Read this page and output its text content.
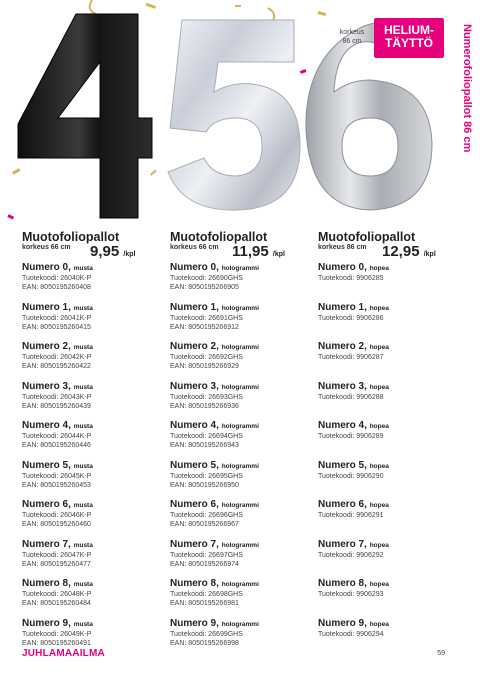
korkeus
86 cm
HELIUM-
TÄYTTÖ	Numerofoliopallot 86 cm
Muotofoliopallot
korkeus 66 cm 9,95 /kpl
Numero 0, musta
Tuotekoodi: 26040K-P
EAN: 8050195260408
Numero 1, musta
Tuotekoodi: 26041K-P
EAN: 8050195260415
Numero 2, musta
Tuotekoodi: 26042K-P
EAN: 8050195260422
Numero 3, musta
Tuotekoodi: 26043K-P
EAN: 8050195260439
Numero 4, musta
Tuotekoodi: 26044K-P
EAN: 8050195260446
Numero 5, musta
Tuotekoodi: 26045K-P
EAN: 8050195260453
Numero 6, musta
Tuotekoodi: 26046K-P
EAN: 8050195260460
Numero 7, musta
Tuotekoodi: 26047K-P
EAN: 8050195260477
Numero 8, musta
Tuotekoodi: 26048K-P
EAN: 8050195260484
Numero 9, musta
Tuotekoodi: 26049K-P
EAN: 8050195260491
Muotofoliopallot
korkeus 66 cm 11,95 /kpl
Numero 0, hologrammi
Tuotekoodi: 26690GHS
EAN: 8050195266905
Numero 1, hologrammi
Tuotekoodi: 26691GHS
EAN: 8050195266912
Numero 2, hologrammi
Tuotekoodi: 26692GHS
EAN: 8050195266929
Numero 3, hologrammi
Tuotekoodi: 26693GHS
EAN: 8050195266936
Numero 4, hologrammi
Tuotekoodi: 26694GHS
EAN: 8050195266943
Numero 5, hologrammi
Tuotekoodi: 26695GHS
EAN: 8050195266950
Numero 6, hologrammi
Tuotekoodi: 26696GHS
EAN: 8050195266967
Numero 7, hologrammi
Tuotekoodi: 26697GHS
EAN: 8050195266974
Numero 8, hologrammi
Tuotekoodi: 26698GHS
EAN: 8050195266981
Numero 9, hologrammi
Tuotekoodi: 26699GHS
EAN: 8050195266998
Muotofoliopallot
korkeus 86 cm 12,95 /kpl
Numero 0, hopea
Tuotekoodi: 9906285
Numero 1, hopea
Tuotekoodi: 9906286
Numero 2, hopea
Tuotekoodi: 9906287
Numero 3, hopea
Tuotekoodi: 9906288
Numero 4, hopea
Tuotekoodi: 9906289
Numero 5, hopea
Tuotekoodi: 9906290
Numero 6, hopea
Tuotekoodi: 9906291
Numero 7, hopea
Tuotekoodi: 9906292
Numero 8, hopea
Tuotekoodi: 9906293
Numero 9, hopea
Tuotekoodi: 9906294
JUHLAMAAILMA	59
